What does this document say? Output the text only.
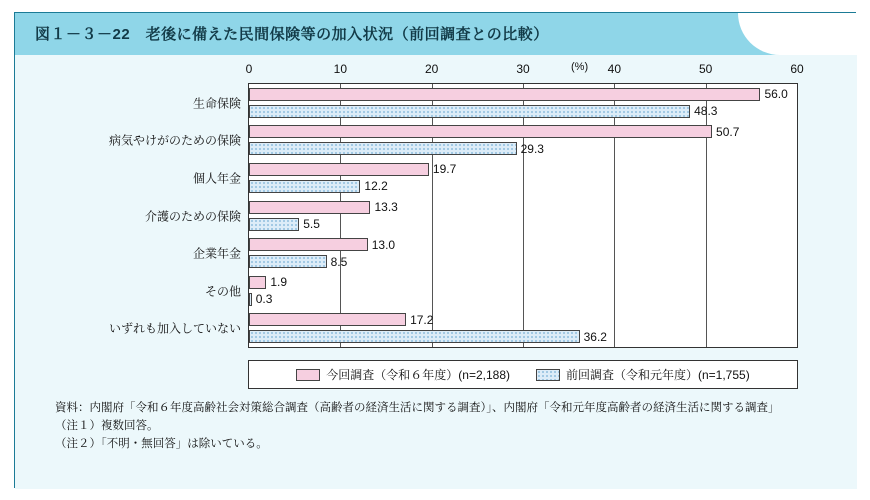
図１－３－22　老後に備えた民間保険等の加入状況（前回調査との比較）
(%)
0	10	20	30	40	50	60
生命保険
56.0
48.3
病気やけがのための保険
50.7
29.3
個人年金
19.7
12.2
介護のための保険
13.3
5.5
企業年金
13.0
8.5
その他
1.9
0.3
いずれも加入していない
17.2
36.2
今回調査（令和６年度）(n=2,188)	前回調査（令和元年度）(n=1,755)
資料：内閣府「令和６年度高齢社会対策総合調査（高齢者の経済生活に関する調査）」、内閣府「令和元年度高齢者の経済生活に関する調査」
（注１）複数回答。
（注２）「不明・無回答」は除いている。
